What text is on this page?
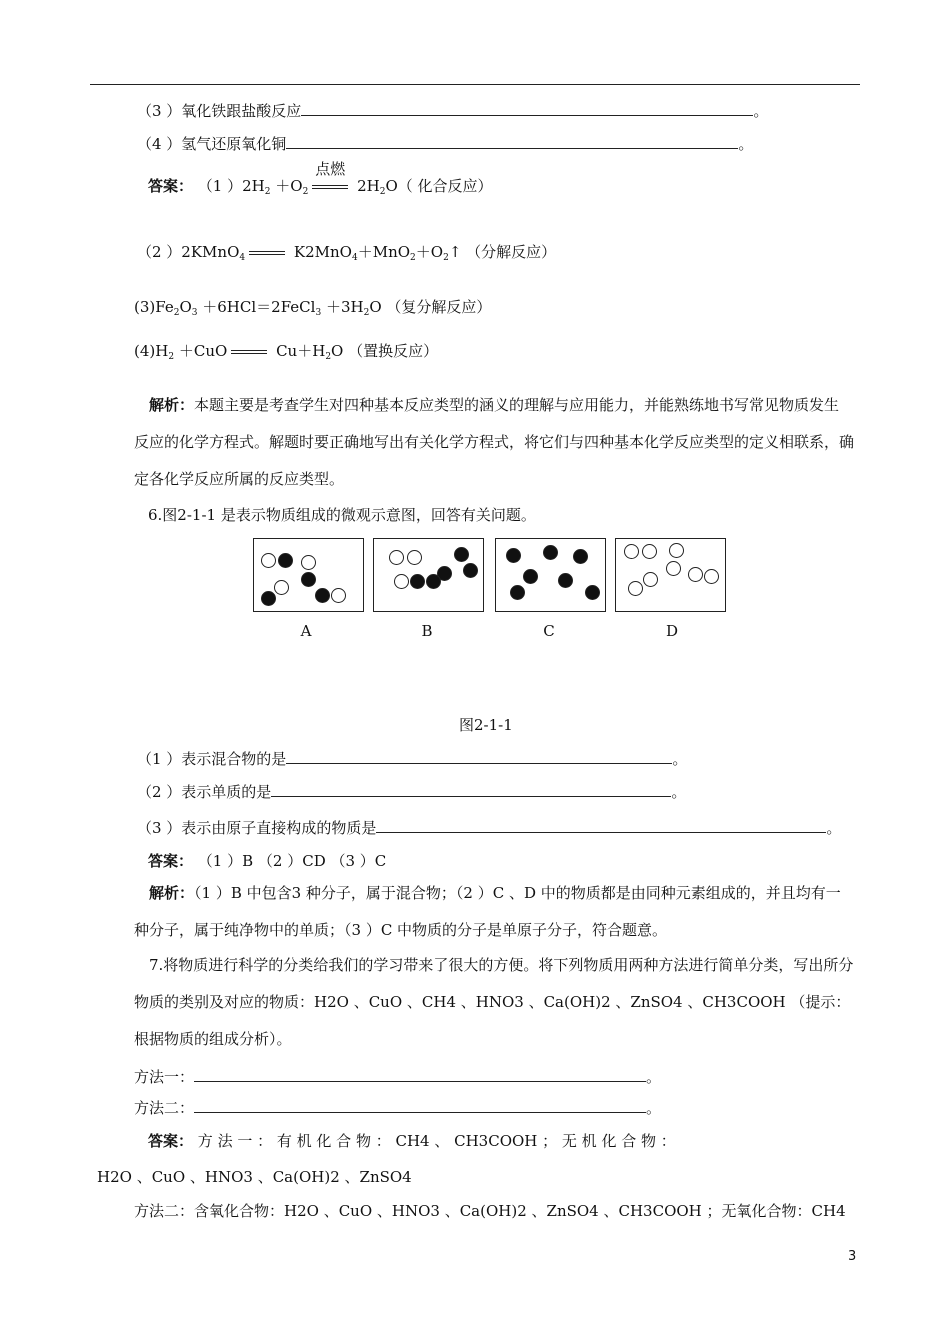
（3 ）氧化铁跟盐酸反应	。
（4 ）氢气还原氧化铜	。
答案： （1 ）$2H_2 +O_2$
点燃
$2H_2O$（ 化合反应）
（2 ）2KMnO$_4$	$K2MnO_4+MnO_2+O_2↑$ （分解反应）
$(3)Fe_2O_3$ ＋6HCl＝2FeCl$_3$ $+3H_2O$ （复分解反应）
$(4)H_2 +CuO$	$Cu+H_2O$ （置换反应）
解析：本题主要是考查学生对四种基本反应类型的涵义的理解与应用能力，并能熟练地书写常见物质发生反应的化学方程式。解题时要正确地写出有关化学方程式，将它们与四种基本化学反应类型的定义相联系，确定各化学反应所属的反应类型。
6.图2-1-1 是表示物质组成的微观示意图，回答有关问题。
A	B	C	D
图2-1-1
（1 ）表示混合物的是	。
（2 ）表示单质的是	。
（3 ）表示由原子直接构成的物质是	。
答案： （1 ）B （2 ）CD （3 ）C
解析：（1 ）B 中包含3 种分子，属于混合物；（2 ）C 、D 中的物质都是由同种元素组成的，并且均有一种分子，属于纯净物中的单质；（3 ）C 中物质的分子是单原子分子，符合题意。
7.将物质进行科学的分类给我们的学习带来了很大的方便。将下列物质用两种方法进行简单分类，写出所分物质的类别及对应的物质：H2O 、CuO 、CH4 、HNO3 、Ca(OH)2 、ZnSO4 、CH3COOH （提示：根据物质的组成分析）。
方法一：	。
方法二：	。
答案： 方 法 一 ： 有 机 化 合 物 ： CH4 、 CH3COOH ； 无 机 化 合 物 ：
H2O 、CuO 、HNO3 、Ca(OH)2 、ZnSO4
方法二：含氧化合物：H2O 、CuO 、HNO3 、Ca(OH)2 、ZnSO4 、CH3COOH ；无氧化合物：CH4
3
